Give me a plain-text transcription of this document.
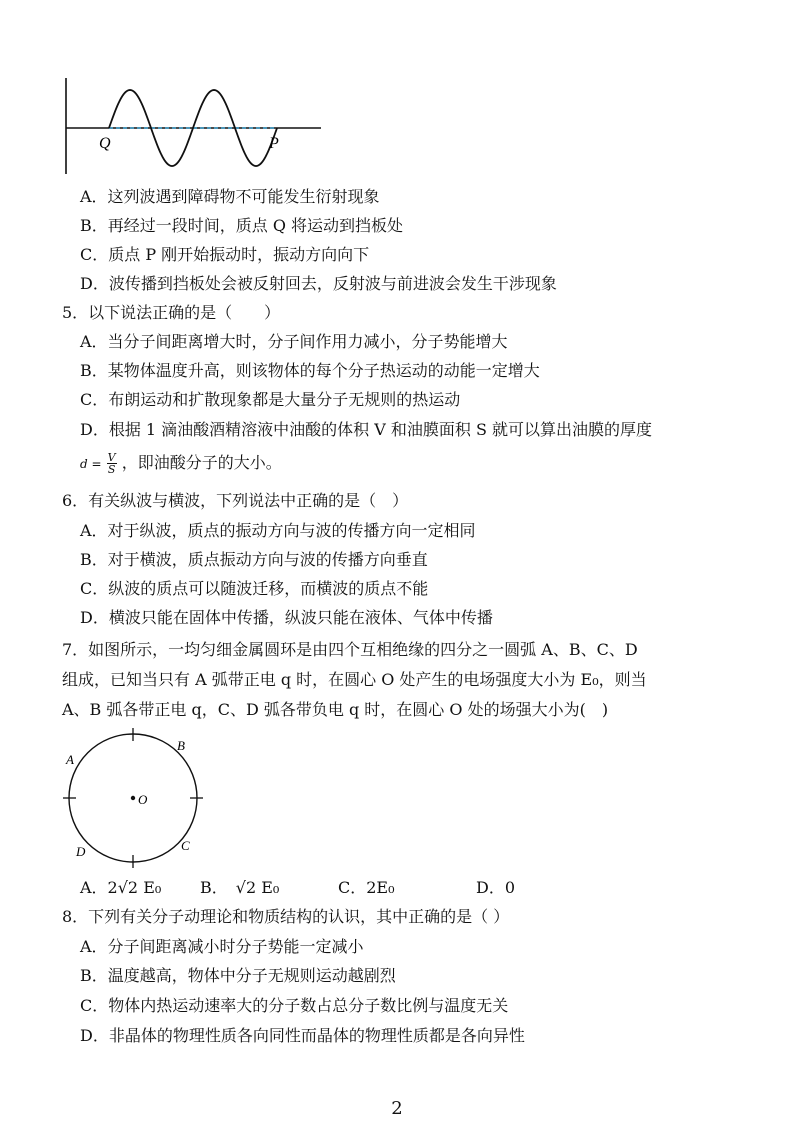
Q	P
A．这列波遇到障碍物不可能发生衍射现象
B．再经过一段时间，质点 Q 将运动到挡板处
C．质点 P 刚开始振动时，振动方向向下
D．波传播到挡板处会被反射回去，反射波与前进波会发生干涉现象
5．以下说法正确的是（　　）
A．当分子间距离增大时，分子间作用力减小，分子势能增大
B．某物体温度升高，则该物体的每个分子热运动的动能一定增大
C．布朗运动和扩散现象都是大量分子无规则的热运动
D．根据 1 滴油酸酒精溶液中油酸的体积 V 和油膜面积 S 就可以算出油膜的厚度
$d = \frac{V}{S}$ ，即油酸分子的大小。
6．有关纵波与横波，下列说法中正确的是（　）
A．对于纵波，质点的振动方向与波的传播方向一定相同
B．对于横波，质点振动方向与波的传播方向垂直
C．纵波的质点可以随波迁移，而横波的质点不能
D．横波只能在固体中传播，纵波只能在液体、气体中传播
7．如图所示，一均匀细金属圆环是由四个互相绝缘的四分之一圆弧 A、B、C、D
组成，已知当只有 A 弧带正电 q 时，在圆心 O 处产生的电场强度大小为 E₀，则当
A、B 弧各带正电 q，C、D 弧各带负电 q 时，在圆心 O 处的场强大小为(　)
O
A
B
C
D
A．2√2 E₀ B．　√2 E₀	C．2E₀	D．0
8．下列有关分子动理论和物质结构的认识，其中正确的是（ ）
A．分子间距离减小时分子势能一定减小
B．温度越高，物体中分子无规则运动越剧烈
C．物体内热运动速率大的分子数占总分子数比例与温度无关
D．非晶体的物理性质各向同性而晶体的物理性质都是各向异性
2
